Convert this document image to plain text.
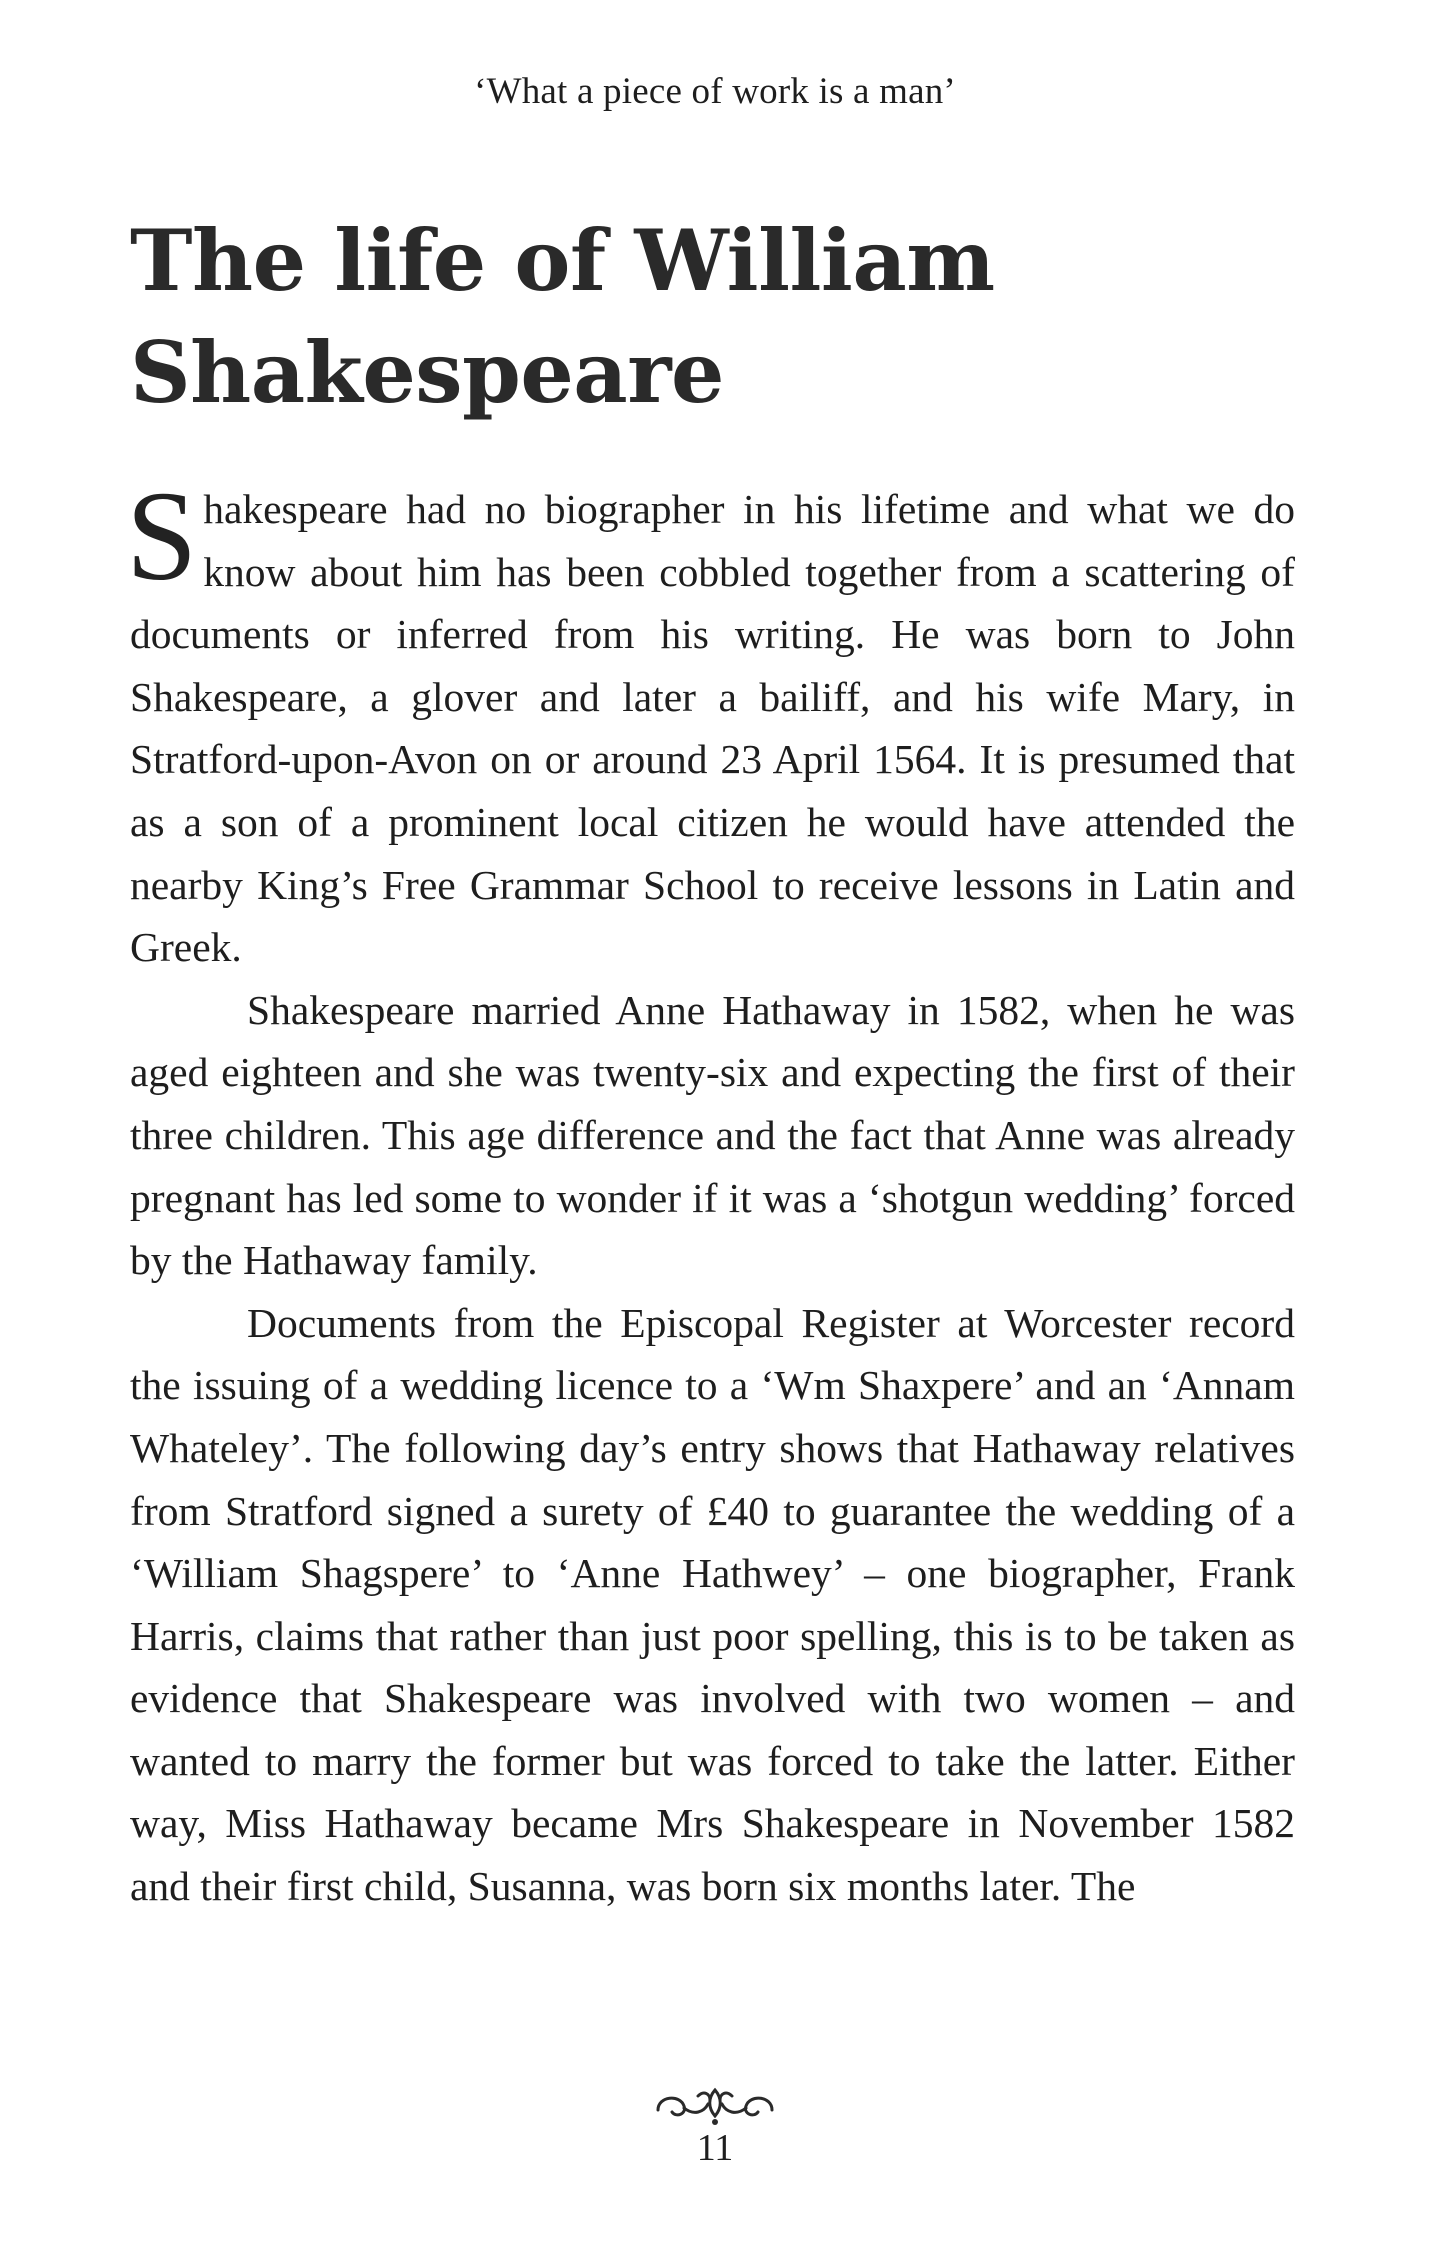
‘What a piece of work is a man’
The life of William
Shakespeare

Shakespeare had no biographer in his lifetime and what we do know about him has been cobbled together from a scattering of documents or inferred from his writing. He was born to John Shakespeare, a glover and later a bailiff, and his wife Mary, in Stratford-upon-Avon on or around 23 April 1564. It is presumed that as a son of a prominent local citizen he would have attended the nearby King’s Free Grammar School to receive lessons in Latin and Greek.

Shakespeare married Anne Hathaway in 1582, when he was aged eighteen and she was twenty-six and expecting the first of their three children. This age difference and the fact that Anne was already pregnant has led some to wonder if it was a ‘shotgun wedding’ forced by the Hathaway family.

Documents from the Episcopal Register at Worcester record the issuing of a wedding licence to a ‘Wm Shaxpere’ and an ‘Annam Whateley’. The following day’s entry shows that Hathaway relatives from Stratford signed a surety of £40 to guarantee the wedding of a ‘William Shagspere’ to ‘Anne Hathwey’ – one biographer, Frank Harris, claims that rather than just poor spelling, this is to be taken as evidence that Shakespeare was involved with two women – and wanted to marry the former but was forced to take the latter. Either way, Miss Hathaway became Mrs Shakespeare in November 1582 and their first child, Susanna, was born six months later. The

11
